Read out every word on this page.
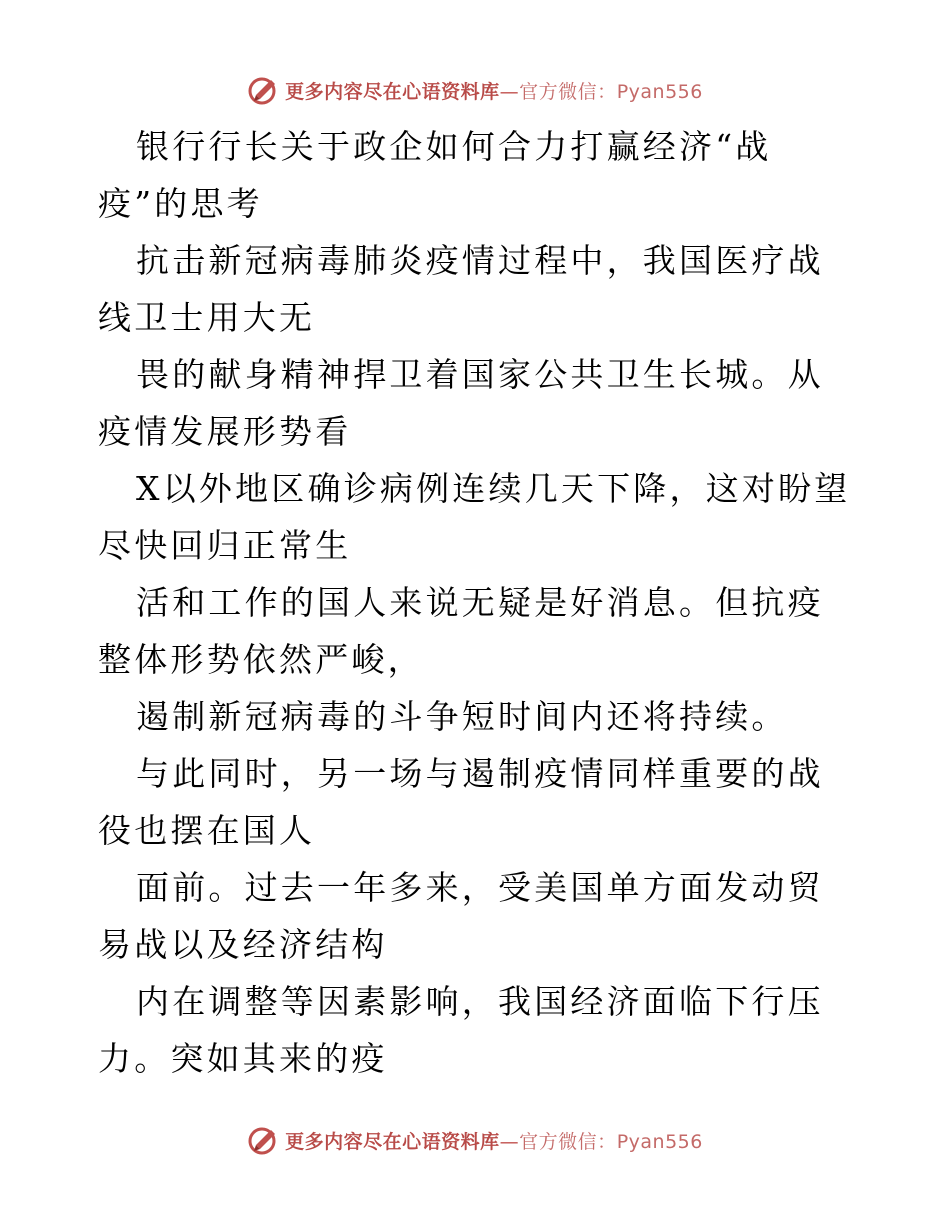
更多内容尽在心语资料库—官方微信：Pyan556

银行行长关于政企如何合力打赢经济“战疫”的思考

抗击新冠病毒肺炎疫情过程中，我国医疗战线卫士用大无

畏的献身精神捍卫着国家公共卫生长城。从疫情发展形势看

X以外地区确诊病例连续几天下降，这对盼望尽快回归正常生

活和工作的国人来说无疑是好消息。但抗疫整体形势依然严峻，

遏制新冠病毒的斗争短时间内还将持续。

与此同时，另一场与遏制疫情同样重要的战役也摆在国人

面前。过去一年多来，受美国单方面发动贸易战以及经济结构

内在调整等因素影响，我国经济面临下行压力。突如其来的疫

更多内容尽在心语资料库—官方微信：Pyan556
